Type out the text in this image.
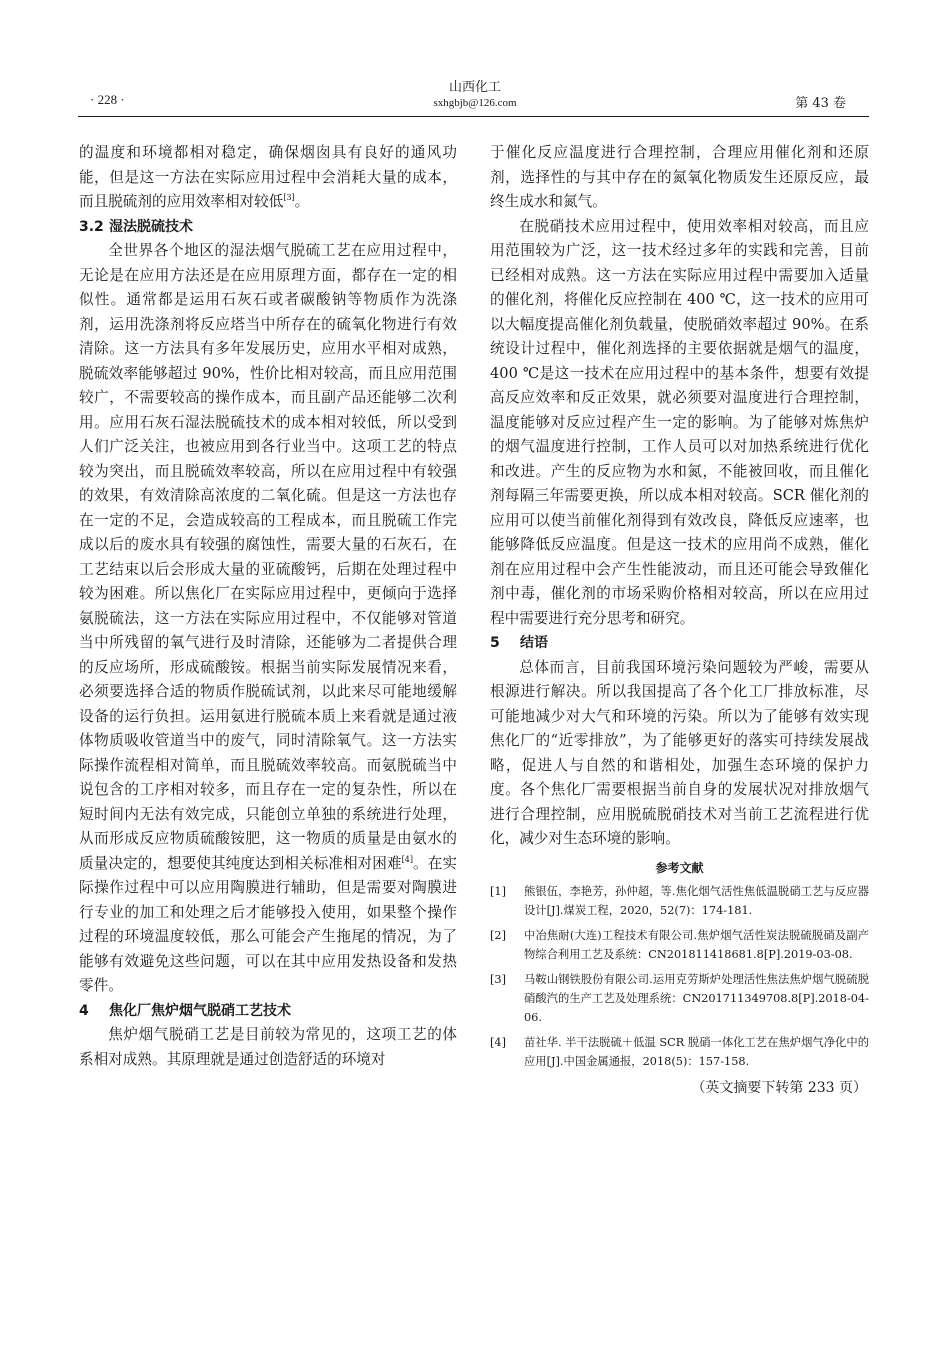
山西化工
sxhgbjb@126.com
· 228 ·	第 43 卷

的温度和环境都相对稳定，确保烟囱具有良好的通风功能，但是这一方法在实际应用过程中会消耗大量的成本，而且脱硫剂的应用效率相对较低[3]。

3.2 湿法脱硫技术

全世界各个地区的湿法烟气脱硫工艺在应用过程中，无论是在应用方法还是在应用原理方面，都存在一定的相似性。通常都是运用石灰石或者碳酸钠等物质作为洗涤剂，运用洗涤剂将反应塔当中所存在的硫氧化物进行有效清除。这一方法具有多年发展历史，应用水平相对成熟，脱硫效率能够超过 90%，性价比相对较高，而且应用范围较广，不需要较高的操作成本，而且副产品还能够二次利用。应用石灰石湿法脱硫技术的成本相对较低，所以受到人们广泛关注，也被应用到各行业当中。这项工艺的特点较为突出，而且脱硫效率较高，所以在应用过程中有较强的效果，有效清除高浓度的二氧化硫。但是这一方法也存在一定的不足，会造成较高的工程成本，而且脱硫工作完成以后的废水具有较强的腐蚀性，需要大量的石灰石，在工艺结束以后会形成大量的亚硫酸钙，后期在处理过程中较为困难。所以焦化厂在实际应用过程中，更倾向于选择氨脱硫法，这一方法在实际应用过程中，不仅能够对管道当中所残留的氧气进行及时清除，还能够为二者提供合理的反应场所，形成硫酸铵。根据当前实际发展情况来看，必须要选择合适的物质作脱硫试剂，以此来尽可能地缓解设备的运行负担。运用氨进行脱硫本质上来看就是通过液体物质吸收管道当中的废气，同时清除氧气。这一方法实际操作流程相对简单，而且脱硫效率较高。而氨脱硫当中说包含的工序相对较多，而且存在一定的复杂性，所以在短时间内无法有效完成，只能创立单独的系统进行处理，从而形成反应物质硫酸铵肥，这一物质的质量是由氨水的质量决定的，想要使其纯度达到相关标准相对困难[4]。在实际操作过程中可以应用陶膜进行辅助，但是需要对陶膜进行专业的加工和处理之后才能够投入使用，如果整个操作过程的环境温度较低，那么可能会产生拖尾的情况，为了能够有效避免这些问题，可以在其中应用发热设备和发热零件。

4 焦化厂焦炉烟气脱硝工艺技术

焦炉烟气脱硝工艺是目前较为常见的，这项工艺的体系相对成熟。其原理就是通过创造舒适的环境对

于催化反应温度进行合理控制，合理应用催化剂和还原剂，选择性的与其中存在的氮氧化物质发生还原反应，最终生成水和氮气。

在脱硝技术应用过程中，使用效率相对较高，而且应用范围较为广泛，这一技术经过多年的实践和完善，目前已经相对成熟。这一方法在实际应用过程中需要加入适量的催化剂，将催化反应控制在 400 ℃，这一技术的应用可以大幅度提高催化剂负载量，使脱硝效率超过 90%。在系统设计过程中，催化剂选择的主要依据就是烟气的温度，400 ℃是这一技术在应用过程中的基本条件，想要有效提高反应效率和反正效果，就必须要对温度进行合理控制，温度能够对反应过程产生一定的影响。为了能够对炼焦炉的烟气温度进行控制，工作人员可以对加热系统进行优化和改进。产生的反应物为水和氮，不能被回收，而且催化剂每隔三年需要更换，所以成本相对较高。SCR 催化剂的应用可以使当前催化剂得到有效改良，降低反应速率，也能够降低反应温度。但是这一技术的应用尚不成熟，催化剂在应用过程中会产生性能波动，而且还可能会导致催化剂中毒，催化剂的市场采购价格相对较高，所以在应用过程中需要进行充分思考和研究。

5 结语

总体而言，目前我国环境污染问题较为严峻，需要从根源进行解决。所以我国提高了各个化工厂排放标准，尽可能地减少对大气和环境的污染。所以为了能够有效实现焦化厂的“近零排放”，为了能够更好的落实可持续发展战略，促进人与自然的和谐相处，加强生态环境的保护力度。各个焦化厂需要根据当前自身的发展状况对排放烟气进行合理控制，应用脱硫脱硝技术对当前工艺流程进行优化，减少对生态环境的影响。

参考文献
[1] 熊银伍，李艳芳，孙仲超，等.焦化烟气活性焦低温脱硝工艺与反应器设计[J].煤炭工程，2020，52(7)：174-181.
[2] 中冶焦耐(大连)工程技术有限公司.焦炉烟气活性炭法脱硫脱硝及副产物综合利用工艺及系统：CN201811418681.8[P].2019-03-08.
[3] 马鞍山钢铁股份有限公司.运用克劳斯炉处理活性焦法焦炉烟气脱硫脱硝酸汽的生产工艺及处理系统：CN201711349708.8[P].2018-04-06.
[4] 苗社华. 半干法脱硫＋低温 SCR 脱硝一体化工艺在焦炉烟气净化中的应用[J].中国金属通报，2018(5)：157-158.
（英文摘要下转第 233 页）
